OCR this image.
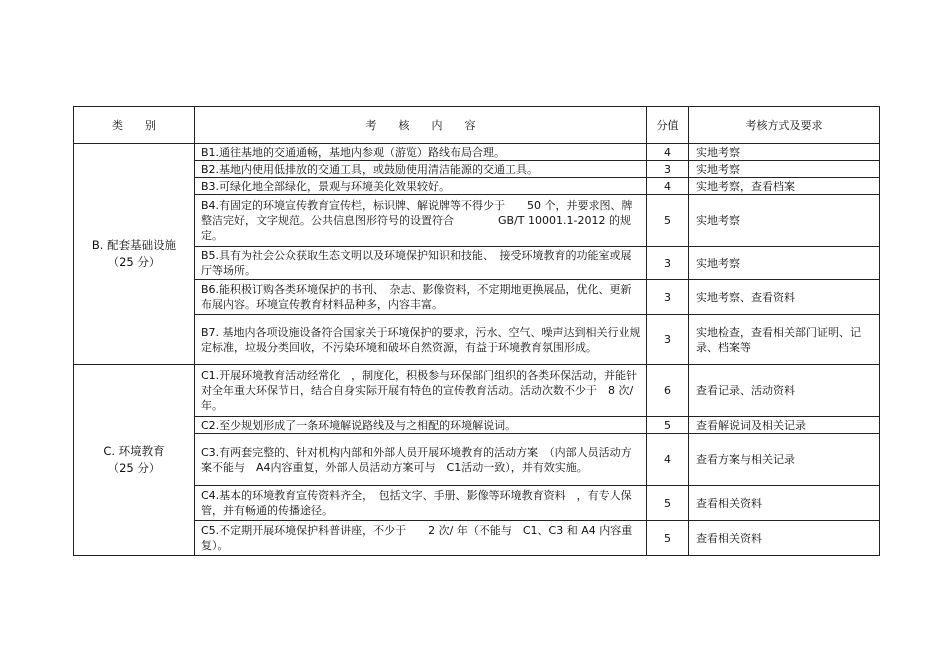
类　　别	考　　核　　内　　容	分值	考核方式及要求

B. 配套基础设施
（25 分）	B1.通往基地的交通通畅，基地内参观（游览）路线布局合理。	4	实地考察
	B2.基地内使用低排放的交通工具，或鼓励使用清洁能源的交通工具。	3	实地考察
	B3.可绿化地全部绿化，景观与环境美化效果较好。	4	实地考察，查看档案
	B4.有固定的环境宣传教育宣传栏，标识牌、解说牌等不得少于　　50 个，并要求图、牌整洁完好，文字规范。公共信息图形符号的设置符合　　　　GB/T 10001.1-2012 的规定。	5	实地考察
	B5.具有为社会公众获取生态文明以及环境保护知识和技能、　接受环境教育的功能室或展厅等场所。	3	实地考察
	B6.能积极订购各类环境保护的书刊、　杂志、影像资料，不定期地更换展品，优化、更新布展内容。环境宣传教育材料品种多，内容丰富。	3	实地考察、查看资料
	B7. 基地内各项设施设备符合国家关于环境保护的要求，污水、空气、噪声达到相关行业规定标准，垃圾分类回收，不污染环境和破坏自然资源，有益于环境教育氛围形成。	3	实地检查，查看相关部门证明、记录、档案等

C. 环境教育
（25 分）	C1.开展环境教育活动经常化　，制度化，积极参与环保部门组织的各类环保活动，并能针对全年重大环保节日，结合自身实际开展有特色的宣传教育活动。活动次数不少于　8 次/ 年。	6	查看记录、活动资料
	C2.至少规划形成了一条环境解说路线及与之相配的环境解说词。	5	查看解说词及相关记录
	C3.有两套完整的、针对机构内部和外部人员开展环境教育的活动方案　（内部人员活动方案不能与　A4内容重复，外部人员活动方案可与　C1活动一致），并有效实施。	4	查看方案与相关记录
	C4.基本的环境教育宣传资料齐全，　包括文字、手册、影像等环境教育资料　，有专人保管，并有畅通的传播途径。	5	查看相关资料
	C5.不定期开展环境保护科普讲座，不少于　　2 次/ 年（不能与　C1、C3 和 A4 内容重复）。	5	查看相关资料
